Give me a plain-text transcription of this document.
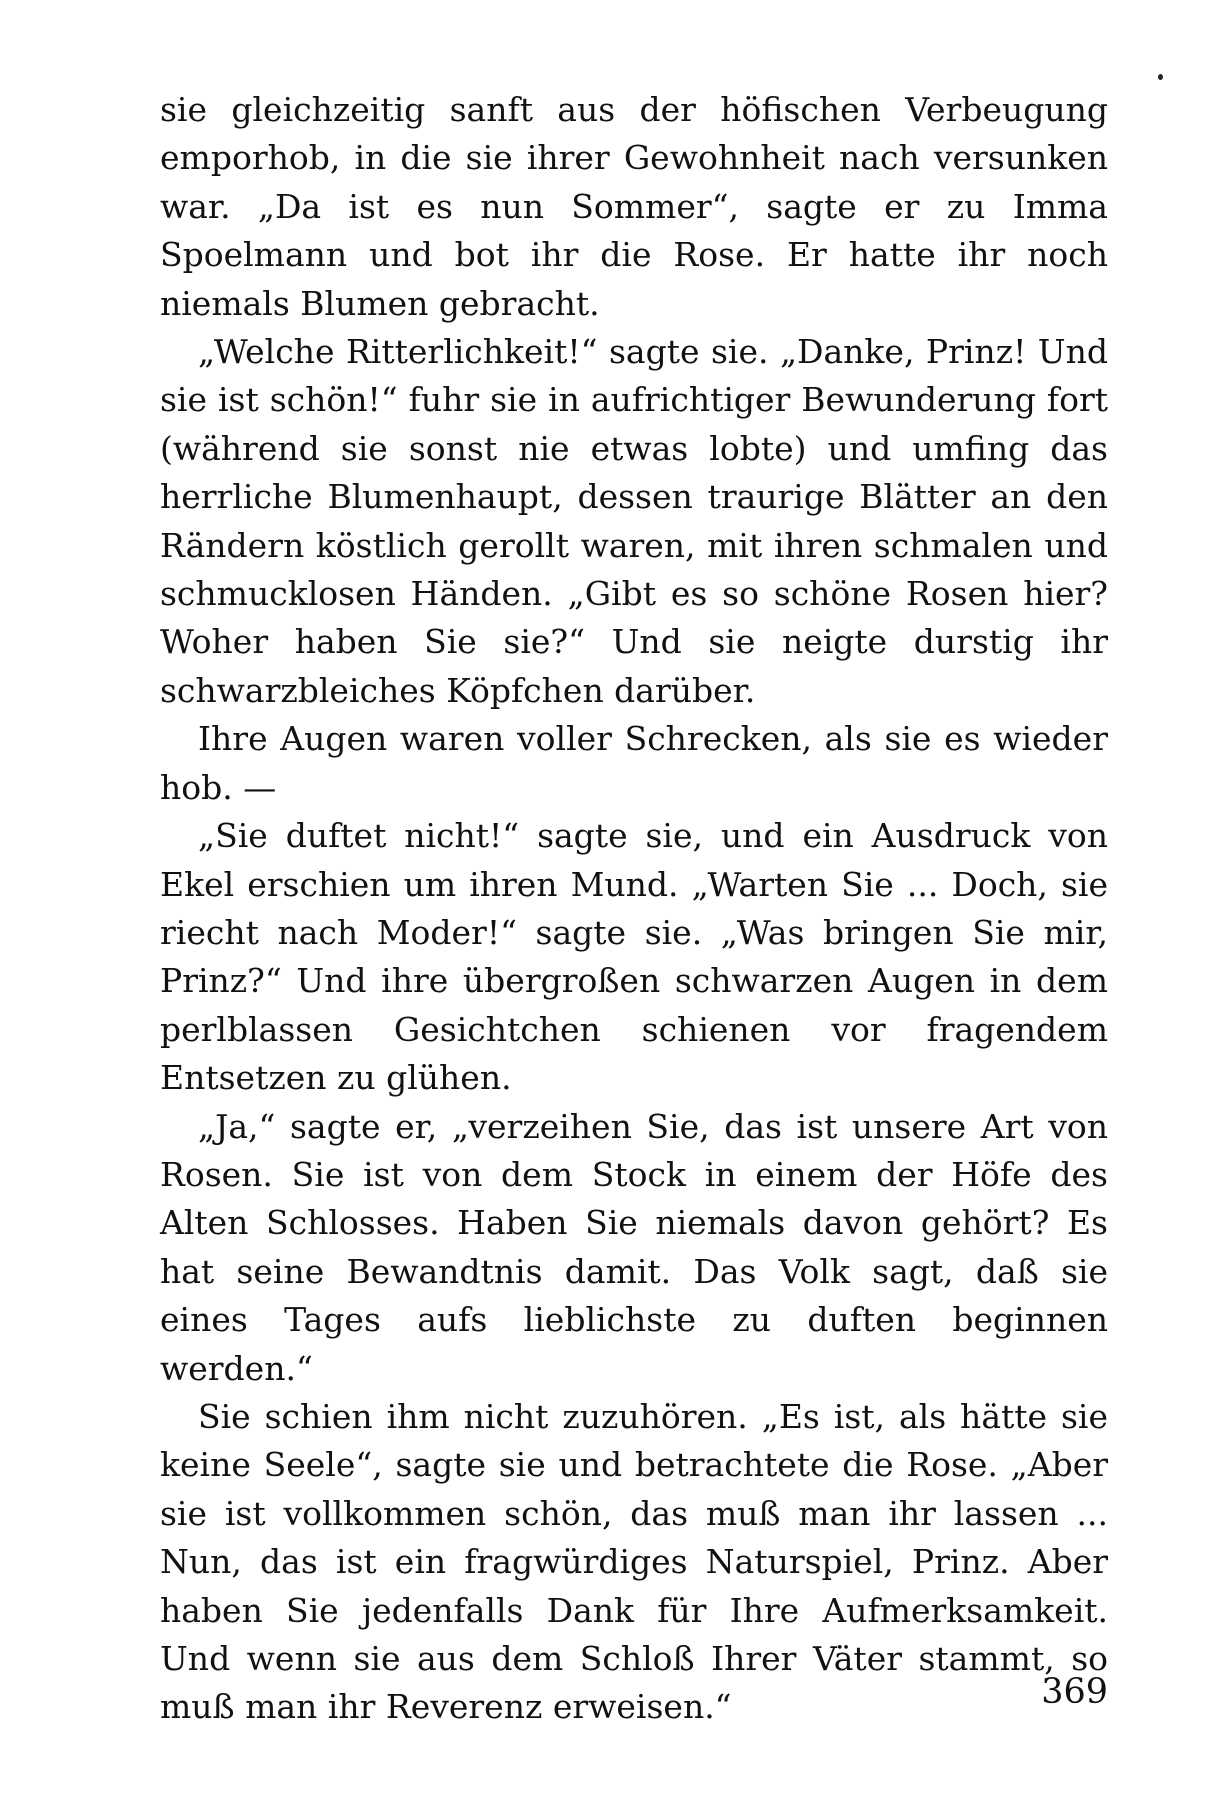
sie gleichzeitig sanft aus der höfischen Verbeugung emporhob, in die sie ihrer Gewohnheit nach versunken war. „Da ist es nun Sommer“, sagte er zu Imma Spoelmann und bot ihr die Rose. Er hatte ihr noch niemals Blumen gebracht.

„Welche Ritterlichkeit!“ sagte sie. „Danke, Prinz! Und sie ist schön!“ fuhr sie in aufrichtiger Bewunderung fort (während sie sonst nie etwas lobte) und umfing das herrliche Blumenhaupt, dessen traurige Blätter an den Rändern köstlich gerollt waren, mit ihren schmalen und schmucklosen Händen. „Gibt es so schöne Rosen hier? Woher haben Sie sie?“ Und sie neigte durstig ihr schwarzbleiches Köpfchen darüber.

Ihre Augen waren voller Schrecken, als sie es wieder hob. —

„Sie duftet nicht!“ sagte sie, und ein Ausdruck von Ekel erschien um ihren Mund. „Warten Sie ... Doch, sie riecht nach Moder!“ sagte sie. „Was bringen Sie mir, Prinz?“ Und ihre übergroßen schwarzen Augen in dem perlblassen Gesichtchen schienen vor fragendem Entsetzen zu glühen.

„Ja,“ sagte er, „verzeihen Sie, das ist unsere Art von Rosen. Sie ist von dem Stock in einem der Höfe des Alten Schlosses. Haben Sie niemals davon gehört? Es hat seine Bewandtnis damit. Das Volk sagt, daß sie eines Tages aufs lieblichste zu duften beginnen werden.“

Sie schien ihm nicht zuzuhören. „Es ist, als hätte sie keine Seele“, sagte sie und betrachtete die Rose. „Aber sie ist vollkommen schön, das muß man ihr lassen ... Nun, das ist ein fragwürdiges Naturspiel, Prinz. Aber haben Sie jedenfalls Dank für Ihre Aufmerksamkeit. Und wenn sie aus dem Schloß Ihrer Väter stammt, so muß man ihr Reverenz erweisen.“	369
